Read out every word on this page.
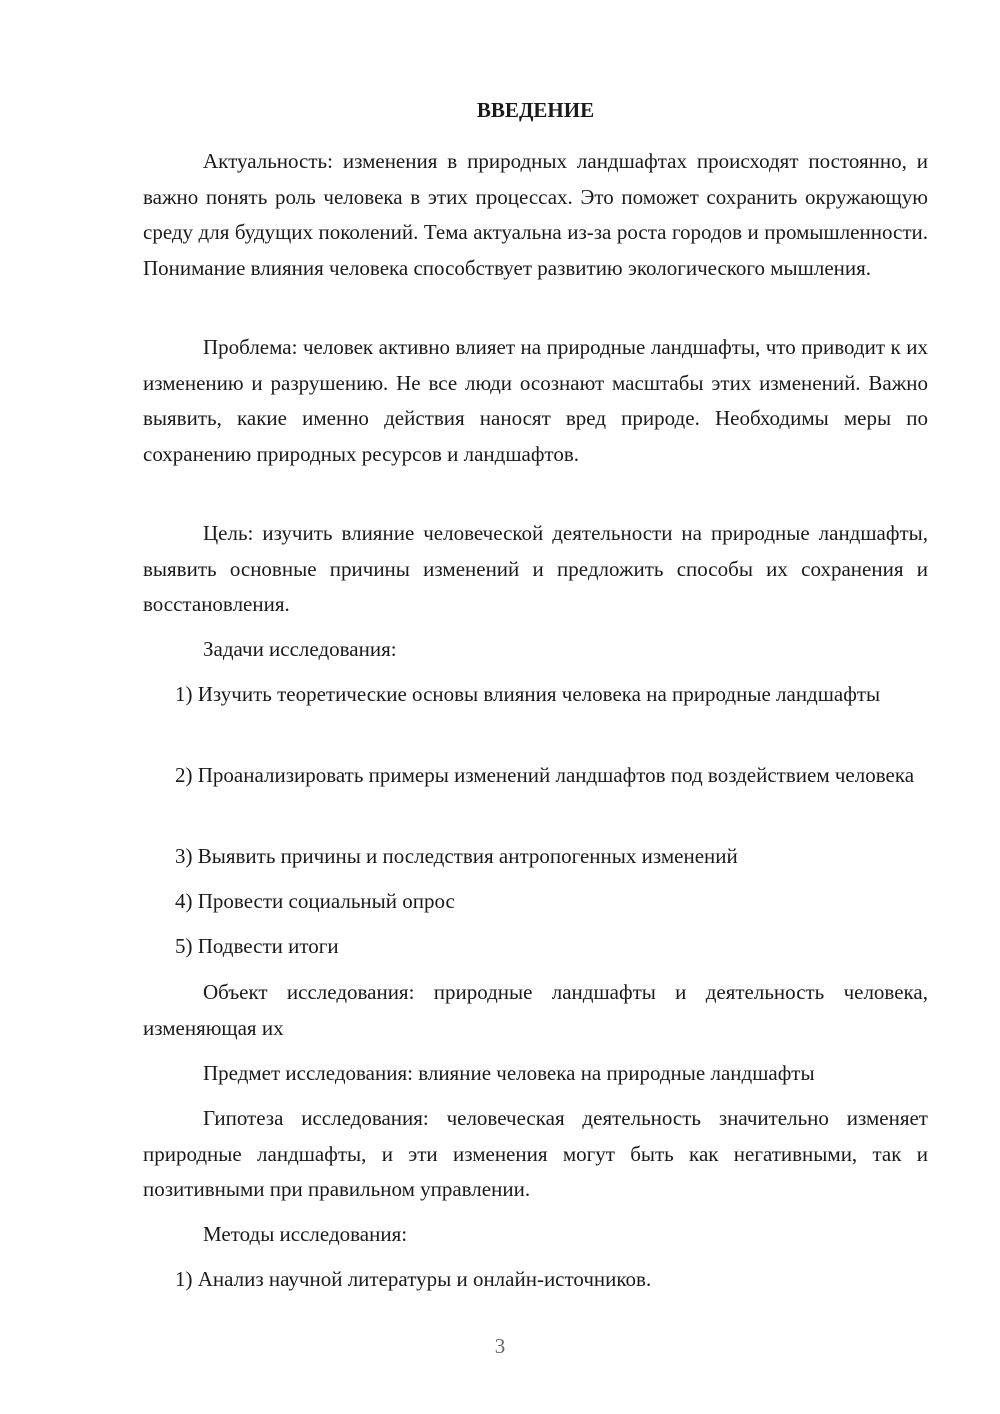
ВВЕДЕНИЕ

Актуальность: изменения в природных ландшафтах происходят постоянно, и важно понять роль человека в этих процессах. Это поможет сохранить окружающую среду для будущих поколений. Тема актуальна из-за роста городов и промышленности. Понимание влияния человека способствует развитию экологического мышления.

Проблема: человек активно влияет на природные ландшафты, что приводит к их изменению и разрушению. Не все люди осознают масштабы этих изменений. Важно выявить, какие именно действия наносят вред природе. Необходимы меры по сохранению природных ресурсов и ландшафтов.

Цель: изучить влияние человеческой деятельности на природные ландшафты, выявить основные причины изменений и предложить способы их сохранения и восстановления.

Задачи исследования:

1) Изучить теоретические основы влияния человека на природные ландшафты

2) Проанализировать примеры изменений ландшафтов под воздействием человека

3) Выявить причины и последствия антропогенных изменений

4) Провести социальный опрос

5) Подвести итоги

Объект исследования: природные ландшафты и деятельность человека, изменяющая их

Предмет исследования: влияние человека на природные ландшафты

Гипотеза исследования: человеческая деятельность значительно изменяет природные ландшафты, и эти изменения могут быть как негативными, так и позитивными при правильном управлении.

Методы исследования:

1) Анализ научной литературы и онлайн-источников.

3
